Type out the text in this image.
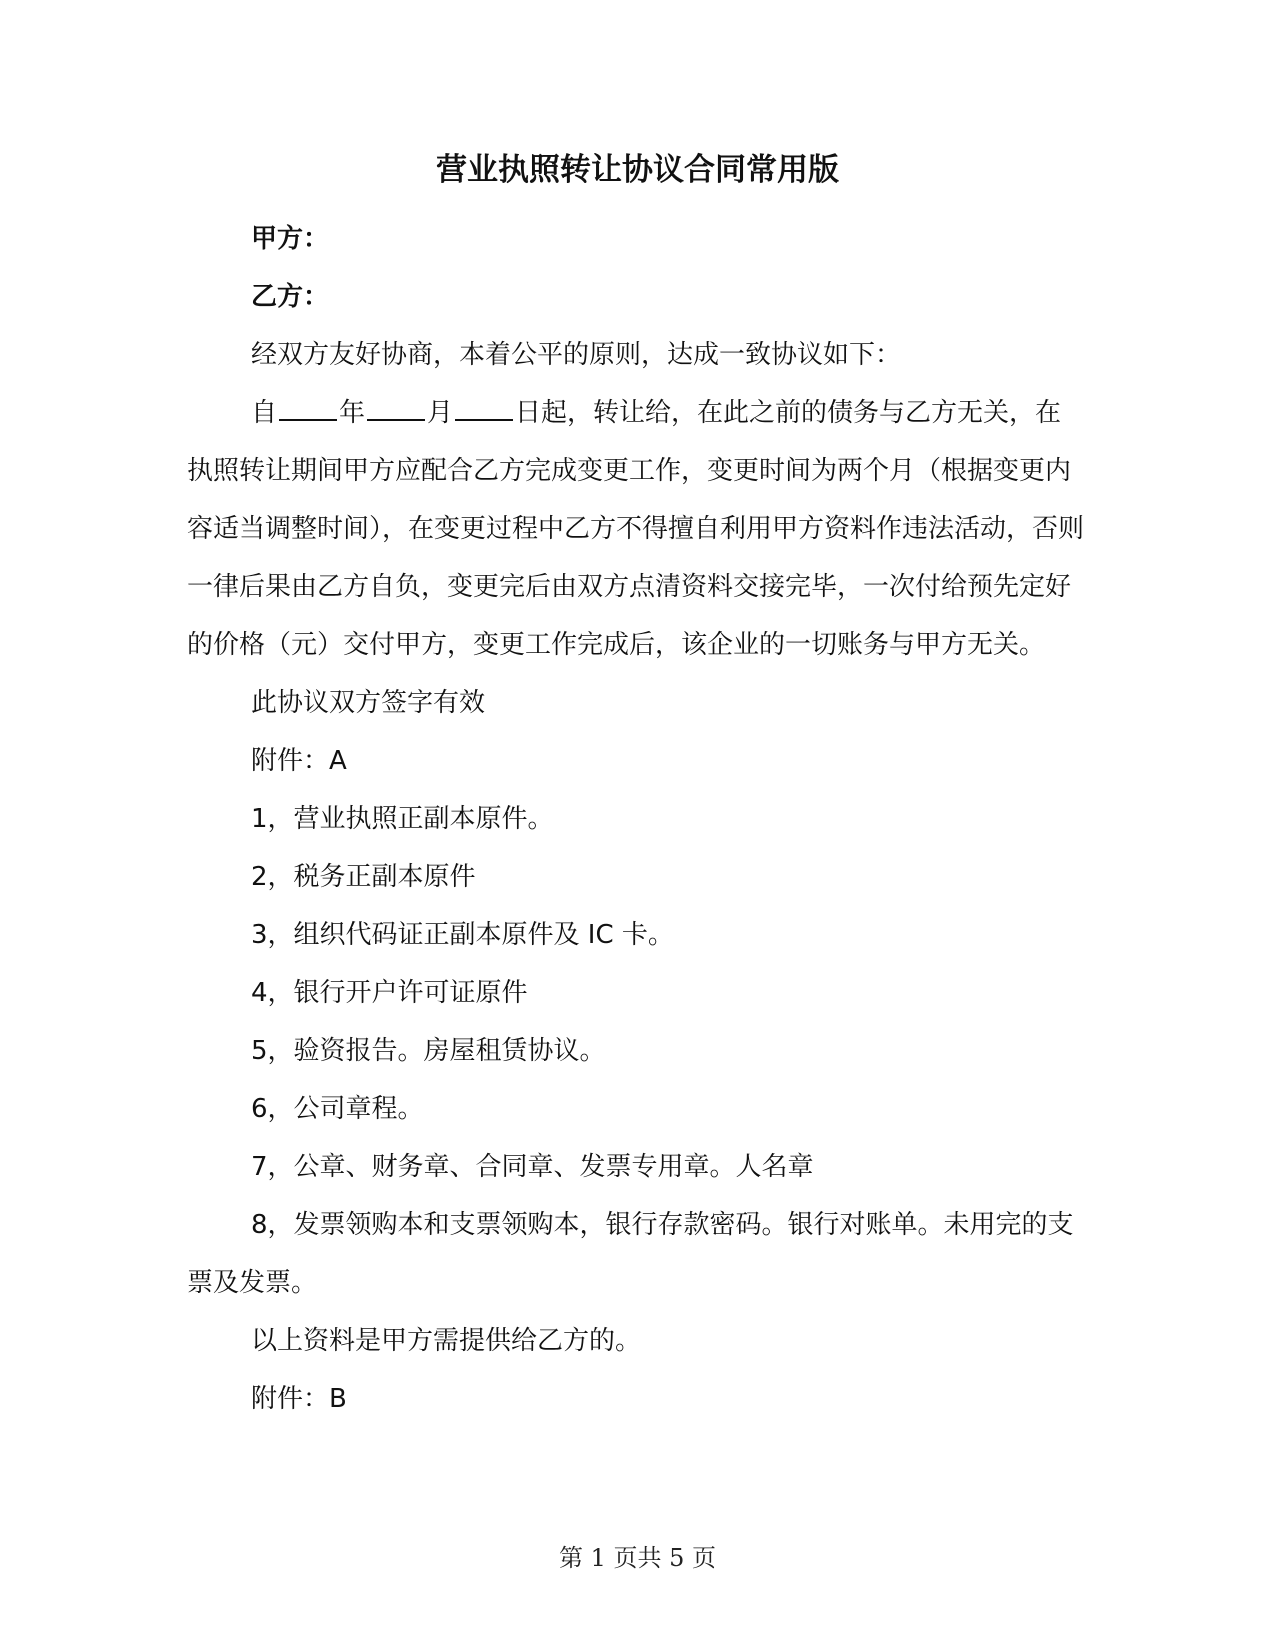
营业执照转让协议合同常用版

甲方：

乙方：

经双方友好协商，本着公平的原则，达成一致协议如下：

自 年 月 日起，转让给，在此之前的债务与乙方无关，在执照转让期间甲方应配合乙方完成变更工作，变更时间为两个月（根据变更内容适当调整时间），在变更过程中乙方不得擅自利用甲方资料作违法活动，否则一律后果由乙方自负，变更完后由双方点清资料交接完毕，一次付给预先定好的价格（元）交付甲方，变更工作完成后，该企业的一切账务与甲方无关。

此协议双方签字有效

附件：A

1，营业执照正副本原件。

2，税务正副本原件

3，组织代码证正副本原件及 IC 卡。

4，银行开户许可证原件

5，验资报告。房屋租赁协议。

6，公司章程。

7，公章、财务章、合同章、发票专用章。人名章

8，发票领购本和支票领购本，银行存款密码。银行对账单。未用完的支票及发票。

以上资料是甲方需提供给乙方的。

附件：B

第 1 页共 5 页
